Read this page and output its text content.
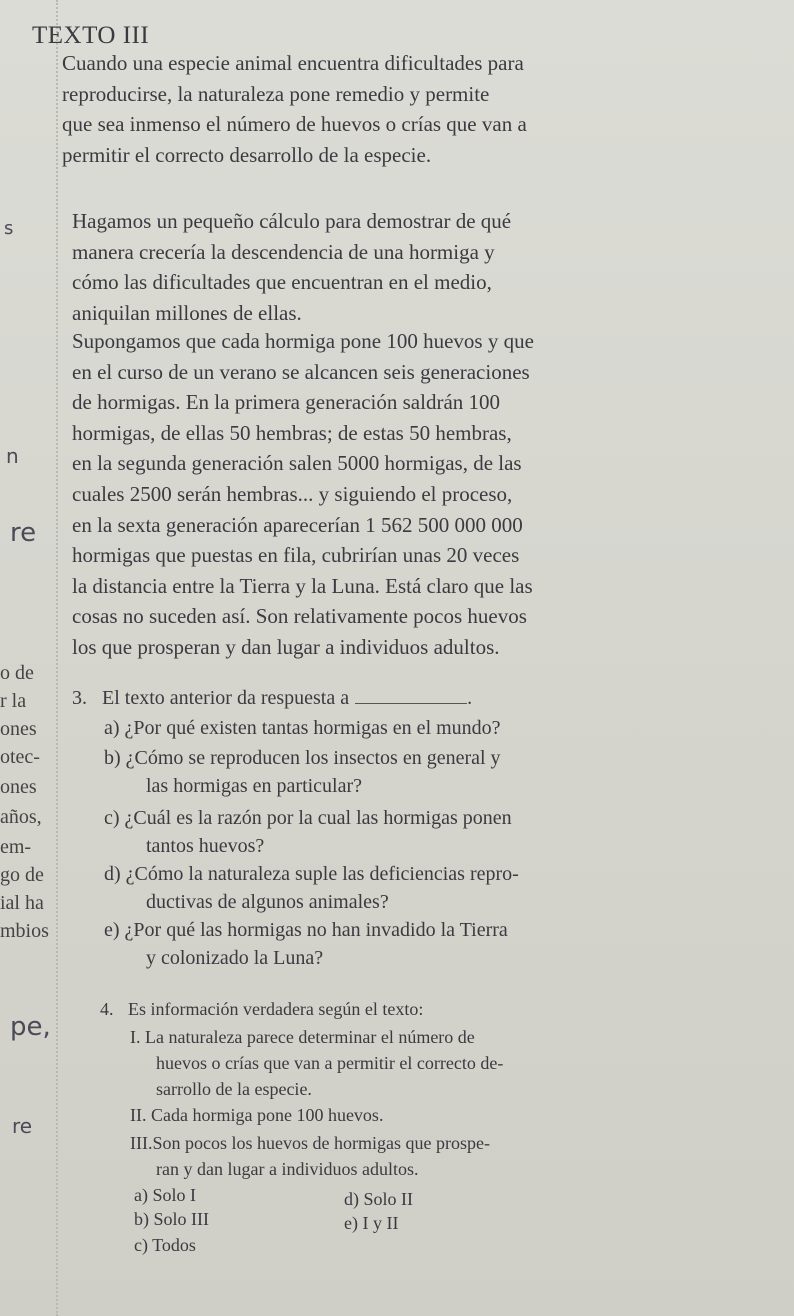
TEXTO III
Cuando una especie animal encuentra dificultades para
reproducirse, la naturaleza pone remedio y permite
que sea inmenso el número de huevos o crías que van a
permitir el correcto desarrollo de la especie.
Hagamos un pequeño cálculo para demostrar de qué
manera crecería la descendencia de una hormiga y
cómo las dificultades que encuentran en el medio,
aniquilan millones de ellas.
Supongamos que cada hormiga pone 100 huevos y que
en el curso de un verano se alcancen seis generaciones
de hormigas. En la primera generación saldrán 100
hormigas, de ellas 50 hembras; de estas 50 hembras,
en la segunda generación salen 5000 hormigas, de las
cuales 2500 serán hembras... y siguiendo el proceso,
en la sexta generación aparecerían 1 562 500 000 000
hormigas que puestas en fila, cubrirían unas 20 veces
la distancia entre la Tierra y la Luna. Está claro que las
cosas no suceden así. Son relativamente pocos huevos
los que prosperan y dan lugar a individuos adultos.
o de
r la
ones
otec-
ones
años,
em-
go de
ial ha
mbios
s
n
re
pe,
re
3. El texto anterior da respuesta a	.
a) ¿Por qué existen tantas hormigas en el mundo?
b) ¿Cómo se reproducen los insectos en general y
las hormigas en particular?
c) ¿Cuál es la razón por la cual las hormigas ponen
tantos huevos?
d) ¿Cómo la naturaleza suple las deficiencias repro-
ductivas de algunos animales?
e) ¿Por qué las hormigas no han invadido la Tierra
y colonizado la Luna?
4. Es información verdadera según el texto:
I. La naturaleza parece determinar el número de
huevos o crías que van a permitir el correcto de-
sarrollo de la especie.
II. Cada hormiga pone 100 huevos.
III.Son pocos los huevos de hormigas que prospe-
ran y dan lugar a individuos adultos.
a) Solo I	d) Solo II
b) Solo III	e) I y II
c) Todos
